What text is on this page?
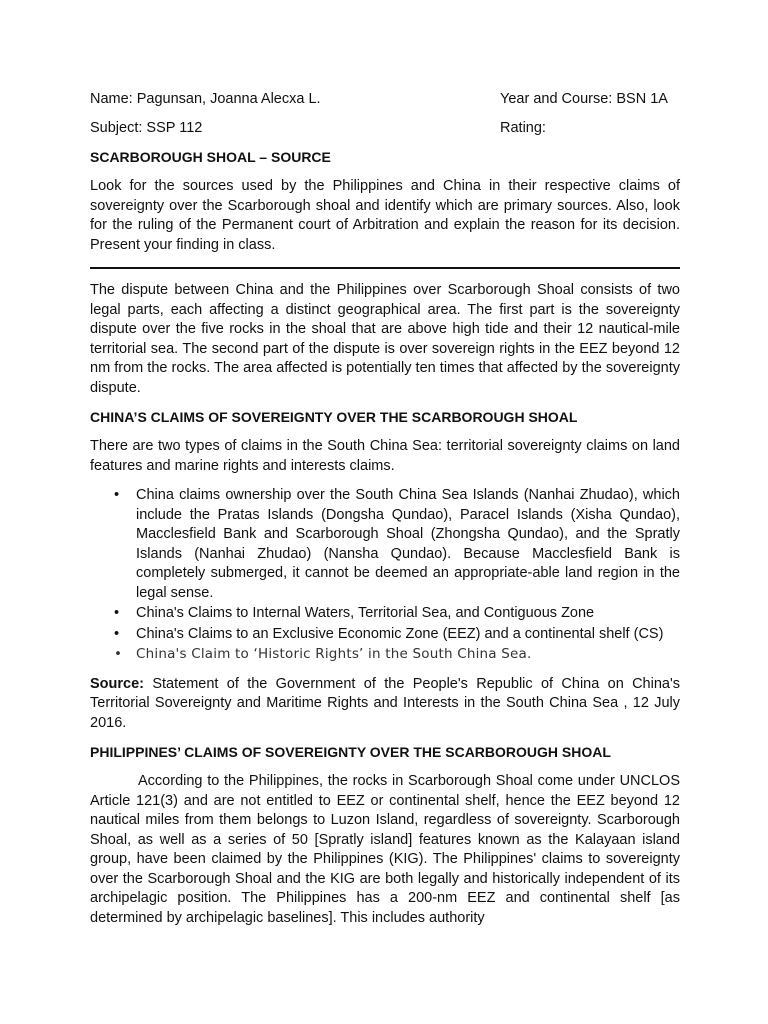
Name: Pagunsan, Joanna Alecxa L.	Year and Course: BSN 1A
Subject: SSP 112	Rating:
SCARBOROUGH SHOAL – SOURCE

Look for the sources used by the Philippines and China in their respective claims of sovereignty over the Scarborough shoal and identify which are primary sources. Also, look for the ruling of the Permanent court of Arbitration and explain the reason for its decision. Present your finding in class.

The dispute between China and the Philippines over Scarborough Shoal consists of two legal parts, each affecting a distinct geographical area. The first part is the sovereignty dispute over the five rocks in the shoal that are above high tide and their 12 nautical-mile territorial sea. The second part of the dispute is over sovereign rights in the EEZ beyond 12 nm from the rocks. The area affected is potentially ten times that affected by the sovereignty dispute.

CHINA’S CLAIMS OF SOVEREIGNTY OVER THE SCARBOROUGH SHOAL

There are two types of claims in the South China Sea: territorial sovereignty claims on land features and marine rights and interests claims.

• China claims ownership over the South China Sea Islands (Nanhai Zhudao), which include the Pratas Islands (Dongsha Qundao), Paracel Islands (Xisha Qundao), Macclesfield Bank and Scarborough Shoal (Zhongsha Qundao), and the Spratly Islands (Nanhai Zhudao) (Nansha Qundao). Because Macclesfield Bank is completely submerged, it cannot be deemed an appropriate-able land region in the legal sense.
• China's Claims to Internal Waters, Territorial Sea, and Contiguous Zone
• China's Claims to an Exclusive Economic Zone (EEZ) and a continental shelf (CS)
• China's Claim to ‘Historic Rights’ in the South China Sea.

Source: Statement of the Government of the People's Republic of China on China's Territorial Sovereignty and Maritime Rights and Interests in the South China Sea , 12 July 2016.

PHILIPPINES’ CLAIMS OF SOVEREIGNTY OVER THE SCARBOROUGH SHOAL

According to the Philippines, the rocks in Scarborough Shoal come under UNCLOS Article 121(3) and are not entitled to EEZ or continental shelf, hence the EEZ beyond 12 nautical miles from them belongs to Luzon Island, regardless of sovereignty. Scarborough Shoal, as well as a series of 50 [Spratly island] features known as the Kalayaan island group, have been claimed by the Philippines (KIG). The Philippines' claims to sovereignty over the Scarborough Shoal and the KIG are both legally and historically independent of its archipelagic position. The Philippines has a 200-nm EEZ and continental shelf [as determined by archipelagic baselines]. This includes authority
